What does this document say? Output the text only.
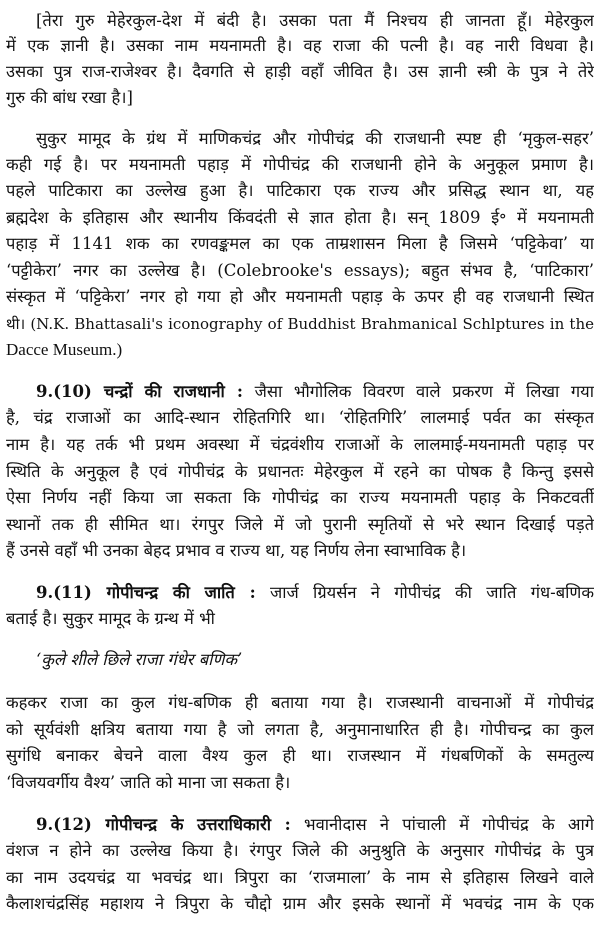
[तेरा गुरु मेहेरकुल-देश में बंदी है। उसका पता मैं निश्चय ही जानता हूँ। मेहेरकुल
में एक ज्ञानी है। उसका नाम मयनामती है। वह राजा की पत्नी है। वह नारी विधवा है।
उसका पुत्र राज-राजेश्वर है। दैवगति से हाड़ी वहाँ जीवित है। उस ज्ञानी स्त्री के पुत्र ने तेरे
गुरु की बांध रखा है।]
सुकुर मामूद के ग्रंथ में माणिकचंद्र और गोपीचंद्र की राजधानी स्पष्ट ही ‘मृकुल-सहर’
कही गई है। पर मयनामती पहाड़ में गोपीचंद्र की राजधानी होने के अनुकूल प्रमाण है।
पहले पाटिकारा का उल्लेख हुआ है। पाटिकारा एक राज्य और प्रसिद्ध स्थान था, यह
ब्रह्मदेश के इतिहास और स्थानीय किंवदंती से ज्ञात होता है। सन् 1809 ई॰ में मयनामती
पहाड़ में 1141 शक का रणवङ्कमल का एक ताम्रशासन मिला है जिसमे ‘पट्टिकेवा’ या
‘पट्टीकेरा’ नगर का उल्लेख है। (Colebrooke's essays); बहुत संभव है, ‘पाटिकारा’
संस्कृत में ‘पट्टिकेरा’ नगर हो गया हो और मयनामती पहाड़ के ऊपर ही वह राजधानी स्थित
थी। (N.K. Bhattasali's iconography of Buddhist Brahmanical Schlptures in the
Dacce Museum.)
9.(10) चन्द्रों की राजधानी : जैसा भौगोलिक विवरण वाले प्रकरण में लिखा गया
है, चंद्र राजाओं का आदि-स्थान रोहितगिरि था। ‘रोहितगिरि’ लालमाई पर्वत का संस्कृत
नाम है। यह तर्क भी प्रथम अवस्था में चंद्रवंशीय राजाओं के लालमाई-मयनामती पहाड़ पर
स्थिति के अनुकूल है एवं गोपीचंद्र के प्रधानतः मेहेरकुल में रहने का पोषक है किन्तु इससे
ऐसा निर्णय नहीं किया जा सकता कि गोपीचंद्र का राज्य मयनामती पहाड़ के निकटवर्ती
स्थानों तक ही सीमित था। रंगपुर जिले में जो पुरानी स्मृतियों से भरे स्थान दिखाई पड़ते
हैं उनसे वहाँ भी उनका बेहद प्रभाव व राज्य था, यह निर्णय लेना स्वाभाविक है।
9.(11) गोपीचन्द्र की जाति : जार्ज ग्रियर्सन ने गोपीचंद्र की जाति गंध-बणिक
बताई है। सुकुर मामूद के ग्रन्थ में भी
‘कुले शीले छिले राजा गंधेर बणिक’
कहकर राजा का कुल गंध-बणिक ही बताया गया है। राजस्थानी वाचनाओं में गोपीचंद्र
को सूर्यवंशी क्षत्रिय बताया गया है जो लगता है, अनुमानाधारित ही है। गोपीचन्द्र का कुल
सुगंधि बनाकर बेचने वाला वैश्य कुल ही था। राजस्थान में गंधबणिकों के समतुल्य
‘विजयवर्गीय वैश्य’ जाति को माना जा सकता है।
9.(12) गोपीचन्द्र के उत्तराधिकारी : भवानीदास ने पांचाली में गोपीचंद्र के आगे
वंशज न होने का उल्लेख किया है। रंगपुर जिले की अनुश्रुति के अनुसार गोपीचंद्र के पुत्र
का नाम उदयचंद्र या भवचंद्र था। त्रिपुरा का ‘राजमाला’ के नाम से इतिहास लिखने वाले
कैलाशचंद्रसिंह महाशय ने त्रिपुरा के चौद्दो ग्राम और इसके स्थानों में भवचंद्र नाम के एक
